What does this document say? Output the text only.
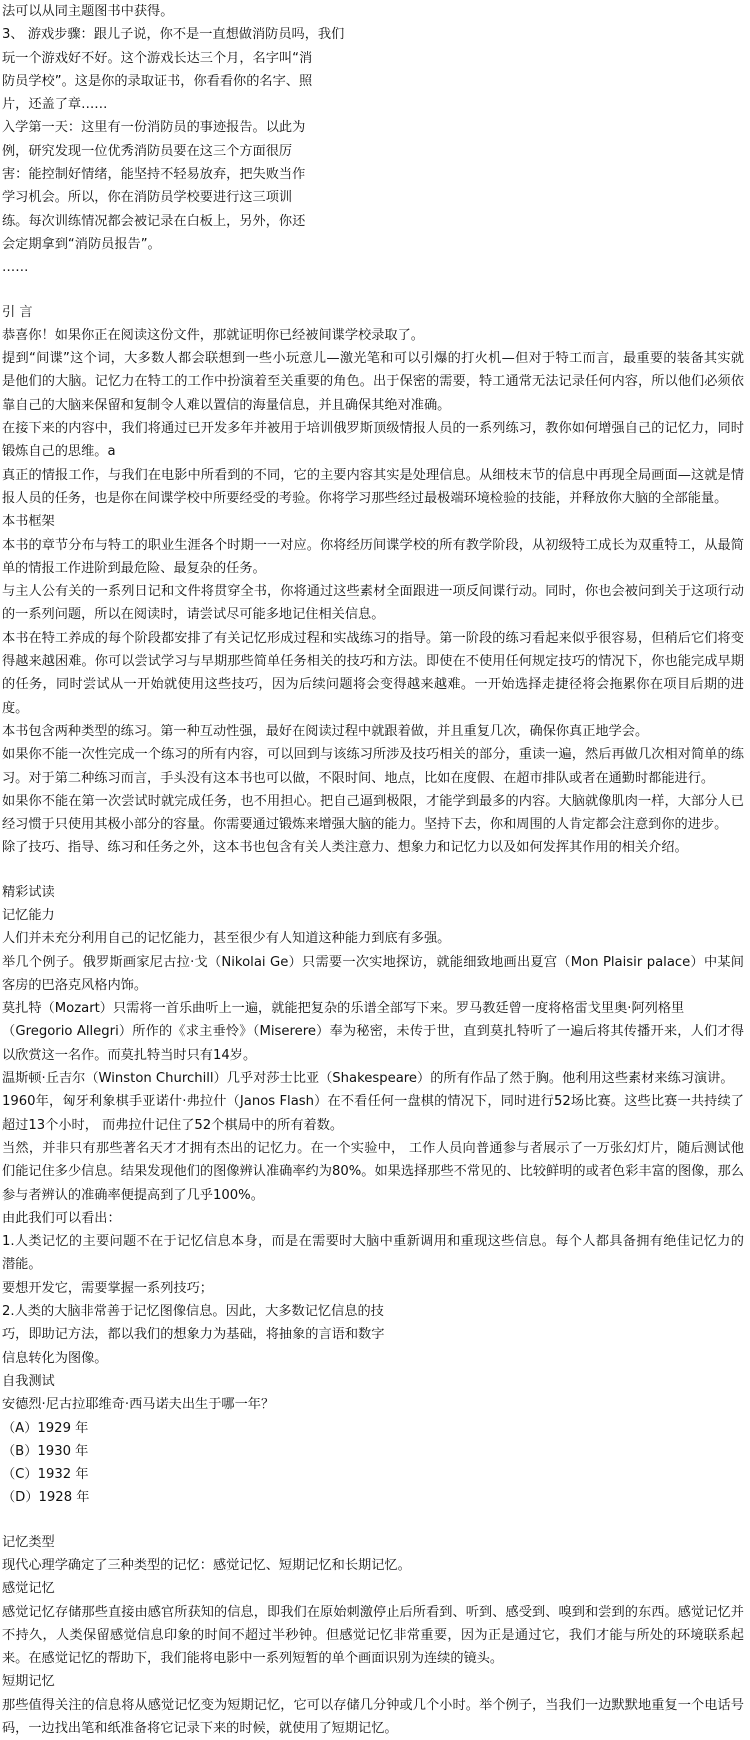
法可以从同主题图书中获得。
3、 游戏步骤：跟儿子说，你不是一直想做消防员吗，我们
玩一个游戏好不好。这个游戏长达三个月，名字叫“消
防员学校”。这是你的录取证书，你看看你的名字、照
片，还盖了章……
入学第一天：这里有一份消防员的事迹报告。以此为
例，研究发现一位优秀消防员要在这三个方面很厉
害：能控制好情绪，能坚持不轻易放弃，把失败当作
学习机会。所以，你在消防员学校要进行这三项训
练。每次训练情况都会被记录在白板上，另外，你还
会定期拿到“消防员报告”。
……
引 言
恭喜你！如果你正在阅读这份文件，那就证明你已经被间谍学校录取了。
提到“间谍”这个词，大多数人都会联想到一些小玩意儿—激光笔和可以引爆的打火机—但对于特工而言，最重要的装备其实就
是他们的大脑。记忆力在特工的工作中扮演着至关重要的角色。出于保密的需要，特工通常无法记录任何内容，所以他们必须依
靠自己的大脑来保留和复制令人难以置信的海量信息，并且确保其绝对准确。
在接下来的内容中，我们将通过已开发多年并被用于培训俄罗斯顶级情报人员的一系列练习，教你如何增强自己的记忆力，同时
锻炼自己的思维。a
真正的情报工作，与我们在电影中所看到的不同，它的主要内容其实是处理信息。从细枝末节的信息中再现全局画面—这就是情
报人员的任务，也是你在间谍学校中所要经受的考验。你将学习那些经过最极端环境检验的技能，并释放你大脑的全部能量。
本书框架
本书的章节分布与特工的职业生涯各个时期一一对应。你将经历间谍学校的所有教学阶段，从初级特工成长为双重特工，从最简
单的情报工作进阶到最危险、最复杂的任务。
与主人公有关的一系列日记和文件将贯穿全书，你将通过这些素材全面跟进一项反间谍行动。同时，你也会被问到关于这项行动
的一系列问题，所以在阅读时，请尝试尽可能多地记住相关信息。
本书在特工养成的每个阶段都安排了有关记忆形成过程和实战练习的指导。第一阶段的练习看起来似乎很容易，但稍后它们将变
得越来越困难。你可以尝试学习与早期那些简单任务相关的技巧和方法。即使在不使用任何规定技巧的情况下，你也能完成早期
的任务，同时尝试从一开始就使用这些技巧，因为后续问题将会变得越来越难。一开始选择走捷径将会拖累你在项目后期的进
度。
本书包含两种类型的练习。第一种互动性强，最好在阅读过程中就跟着做，并且重复几次，确保你真正地学会。
如果你不能一次性完成一个练习的所有内容，可以回到与该练习所涉及技巧相关的部分，重读一遍，然后再做几次相对简单的练
习。对于第二种练习而言，手头没有这本书也可以做，不限时间、地点，比如在度假、在超市排队或者在通勤时都能进行。
如果你不能在第一次尝试时就完成任务，也不用担心。把自己逼到极限，才能学到最多的内容。大脑就像肌肉一样，大部分人已
经习惯于只使用其极小部分的容量。你需要通过锻炼来增强大脑的能力。坚持下去，你和周围的人肯定都会注意到你的进步。
除了技巧、指导、练习和任务之外，这本书也包含有关人类注意力、想象力和记忆力以及如何发挥其作用的相关介绍。
精彩试读
记忆能力
人们并未充分利用自己的记忆能力，甚至很少有人知道这种能力到底有多强。
举几个例子。俄罗斯画家尼古拉·戈（Nikolai Ge）只需要一次实地探访，就能细致地画出夏宫（Mon Plaisir palace）中某间
客房的巴洛克风格内饰。
莫扎特（Mozart）只需将一首乐曲听上一遍，就能把复杂的乐谱全部写下来。罗马教廷曾一度将格雷戈里奥·阿列格里
（Gregorio Allegri）所作的《求主垂怜》（Miserere）奉为秘密，未传于世，直到莫扎特听了一遍后将其传播开来，人们才得
以欣赏这一名作。而莫扎特当时只有14岁。
温斯顿·丘吉尔（Winston Churchill）几乎对莎士比亚（Shakespeare）的所有作品了然于胸。他利用这些素材来练习演讲。
1960年，匈牙利象棋手亚诺什·弗拉什（Janos Flash）在不看任何一盘棋的情况下，同时进行52场比赛。这些比赛一共持续了
超过13个小时， 而弗拉什记住了52个棋局中的所有着数。
当然，并非只有那些著名天才才拥有杰出的记忆力。在一个实验中， 工作人员向普通参与者展示了一万张幻灯片，随后测试他
们能记住多少信息。结果发现他们的图像辨认准确率约为80%。如果选择那些不常见的、比较鲜明的或者色彩丰富的图像，那么
参与者辨认的准确率便提高到了几乎100%。
由此我们可以看出：
1.人类记忆的主要问题不在于记忆信息本身，而是在需要时大脑中重新调用和重现这些信息。每个人都具备拥有绝佳记忆力的
潜能。
要想开发它，需要掌握一系列技巧；
2.人类的大脑非常善于记忆图像信息。因此，大多数记忆信息的技
巧，即助记方法，都以我们的想象力为基础，将抽象的言语和数字
信息转化为图像。
自我测试
安德烈·尼古拉耶维奇·西马诺夫出生于哪一年？
（A）1929 年
（B）1930 年
（C）1932 年
（D）1928 年
记忆类型
现代心理学确定了三种类型的记忆：感觉记忆、短期记忆和长期记忆。
感觉记忆
感觉记忆存储那些直接由感官所获知的信息，即我们在原始刺激停止后所看到、听到、感受到、嗅到和尝到的东西。感觉记忆并
不持久，人类保留感觉信息印象的时间不超过半秒钟。但感觉记忆非常重要，因为正是通过它，我们才能与所处的环境联系起
来。在感觉记忆的帮助下，我们能将电影中一系列短暂的单个画面识别为连续的镜头。
短期记忆
那些值得关注的信息将从感觉记忆变为短期记忆，它可以存储几分钟或几个小时。举个例子，当我们一边默默地重复一个电话号
码，一边找出笔和纸准备将它记录下来的时候，就使用了短期记忆。
